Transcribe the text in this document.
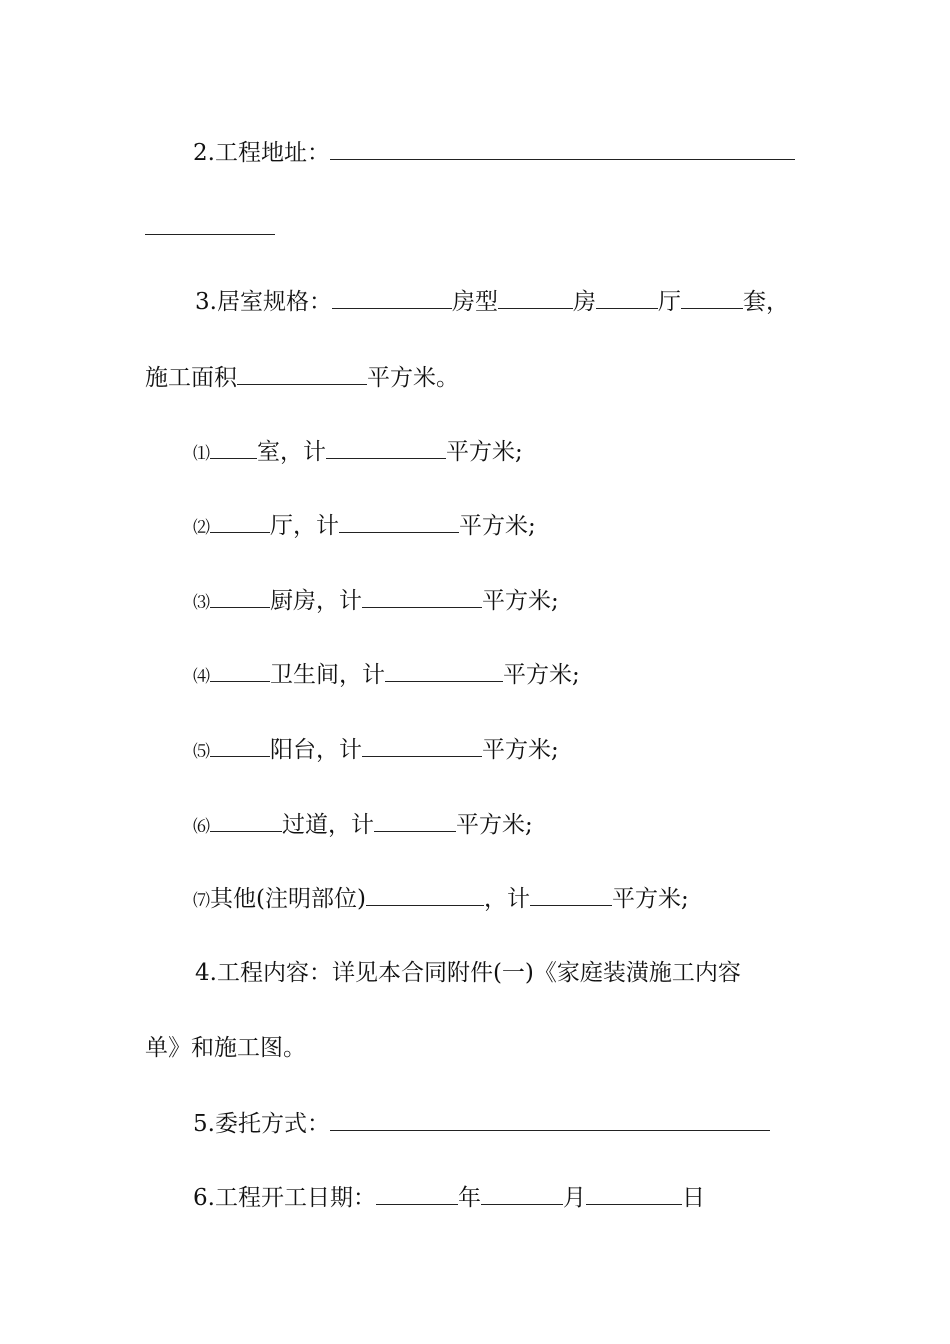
2.工程地址：
3.居室规格：	房型	房	厅	套，
施工面积	平方米。
⑴ 室，计	平方米;
⑵	厅，计	平方米;
⑶	厨房，计	平方米;
⑷	卫生间，计	平方米;
⑸	阳台，计	平方米;
⑹	过道，计	平方米;
⑺其他(注明部位)	，计	平方米;
4.工程内容：详见本合同附件(一)《家庭装潢施工内容
单》和施工图。
5.委托方式：
6.工程开工日期：	年	月	日
